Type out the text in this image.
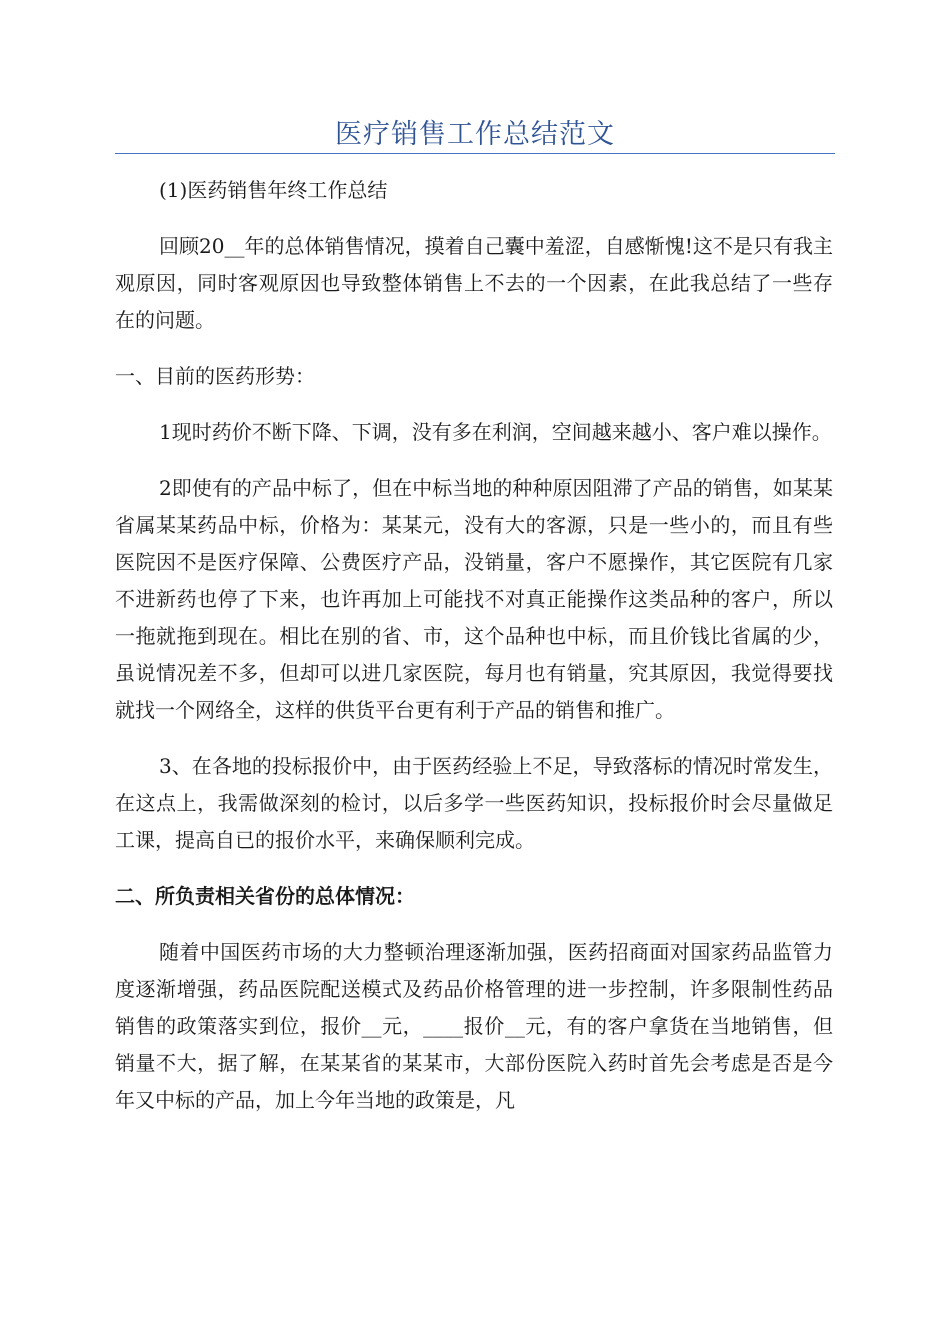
医疗销售工作总结范文

(1)医药销售年终工作总结

回顾20__年的总体销售情况，摸着自己囊中羞涩，自感惭愧!这不是只有我主观原因，同时客观原因也导致整体销售上不去的一个因素，在此我总结了一些存在的问题。

一、目前的医药形势：

1现时药价不断下降、下调，没有多在利润，空间越来越小、客户难以操作。

2即使有的产品中标了，但在中标当地的种种原因阻滞了产品的销售，如某某省属某某药品中标，价格为：某某元，没有大的客源，只是一些小的，而且有些医院因不是医疗保障、公费医疗产品，没销量，客户不愿操作，其它医院有几家不进新药也停了下来，也许再加上可能找不对真正能操作这类品种的客户，所以一拖就拖到现在。相比在别的省、市，这个品种也中标，而且价钱比省属的少，虽说情况差不多，但却可以进几家医院，每月也有销量，究其原因，我觉得要找就找一个网络全，这样的供货平台更有利于产品的销售和推广。

3、在各地的投标报价中，由于医药经验上不足，导致落标的情况时常发生，在这点上，我需做深刻的检讨，以后多学一些医药知识，投标报价时会尽量做足工课，提高自已的报价水平，来确保顺利完成。

二、所负责相关省份的总体情况：

随着中国医药市场的大力整顿治理逐渐加强，医药招商面对国家药品监管力度逐渐增强，药品医院配送模式及药品价格管理的进一步控制，许多限制性药品销售的政策落实到位，报价__元，____报价__元，有的客户拿货在当地销售，但销量不大，据了解，在某某省的某某市，大部份医院入药时首先会考虑是否是今年又中标的产品，加上今年当地的政策是，凡
